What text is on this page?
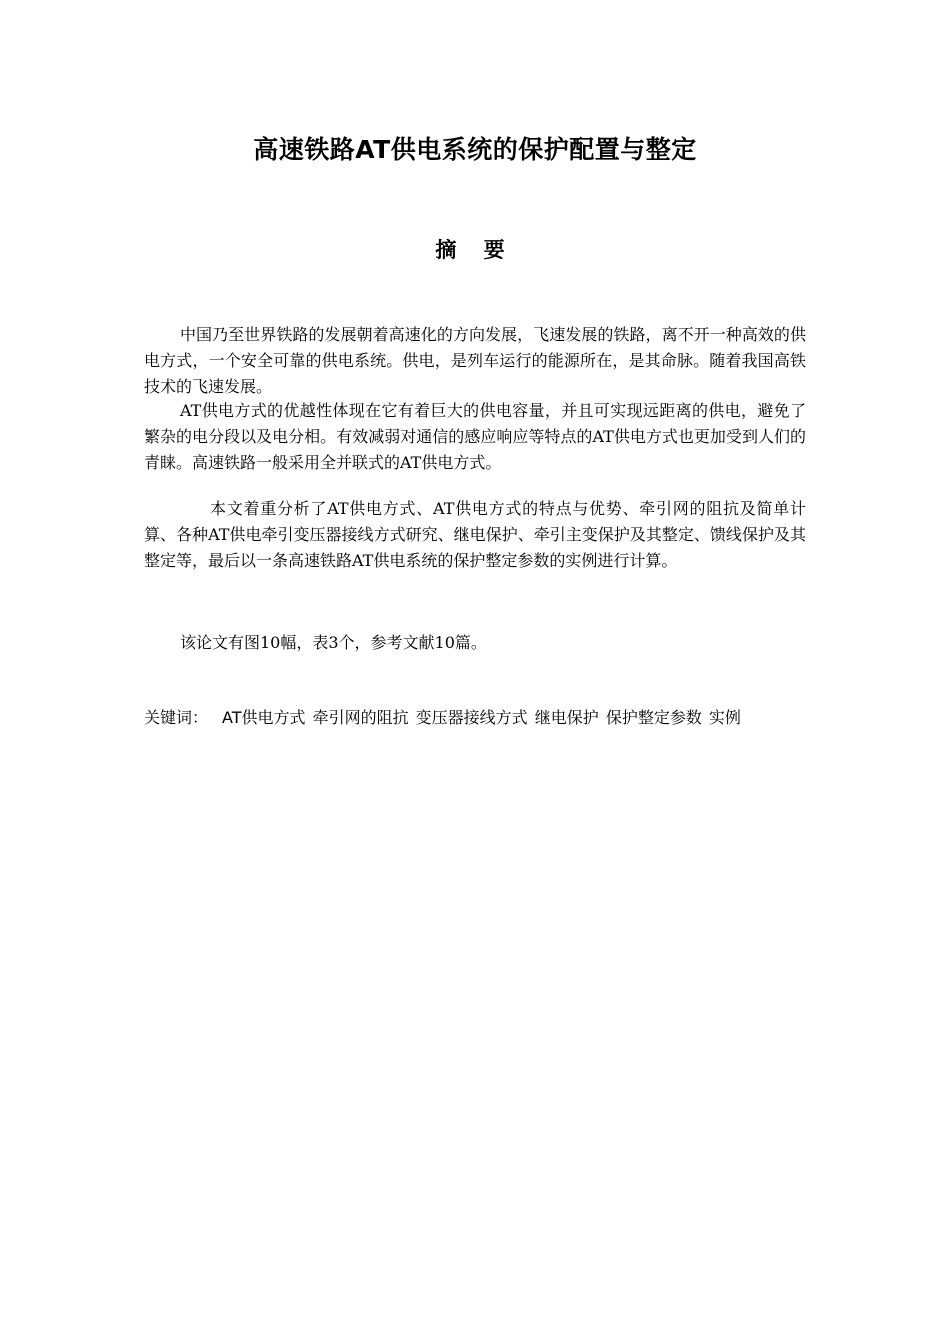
高速铁路AT供电系统的保护配置与整定
摘 要
中国乃至世界铁路的发展朝着高速化的方向发展，飞速发展的铁路，离不开一种高效的供电方式，一个安全可靠的供电系统。供电，是列车运行的能源所在，是其命脉。随着我国高铁技术的飞速发展。
AT供电方式的优越性体现在它有着巨大的供电容量，并且可实现远距离的供电，避免了繁杂的电分段以及电分相。有效减弱对通信的感应响应等特点的AT供电方式也更加受到人们的青睐。高速铁路一般采用全并联式的AT供电方式。
本文着重分析了AT供电方式、AT供电方式的特点与优势、牵引网的阻抗及简单计算、各种AT供电牵引变压器接线方式研究、继电保护、牵引主变保护及其整定、馈线保护及其整定等，最后以一条高速铁路AT供电系统的保护整定参数的实例进行计算。
该论文有图10幅，表3个，参考文献10篇。
关键词： AT供电方式 牵引网的阻抗 变压器接线方式 继电保护 保护整定参数 实例
